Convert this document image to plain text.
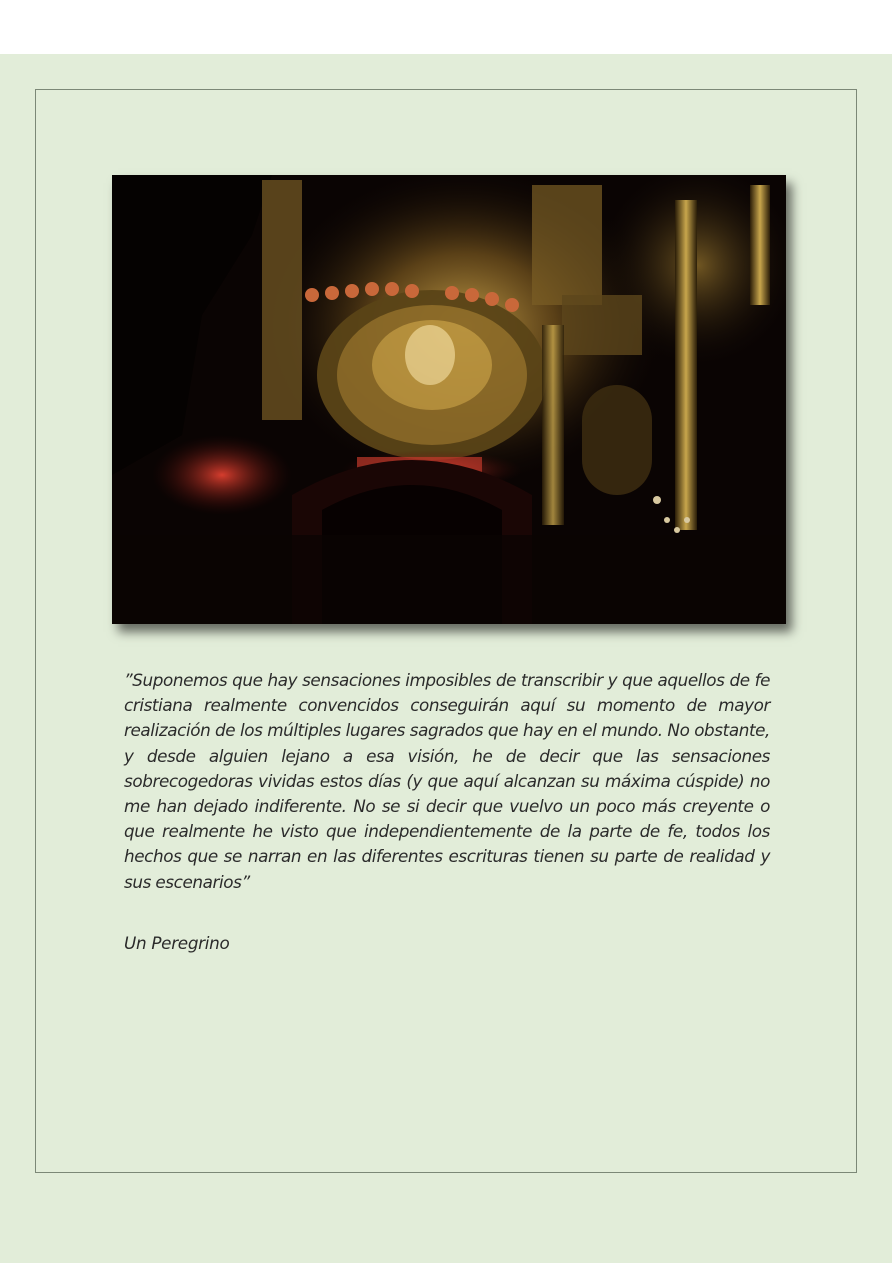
”Suponemos que hay sensaciones imposibles de transcribir y que aquellos de fe cristiana realmente convencidos conseguirán aquí su momento de mayor realización de los múltiples lugares sagrados que hay en el mundo. No obstante, y desde alguien lejano a esa visión, he de decir que las sensaciones sobrecogedoras vividas estos días (y que aquí alcanzan su máxima cúspide) no me han dejado indiferente. No se si decir que vuelvo un poco más creyente o que realmente he visto que independientemente de la parte de fe, todos los hechos que se narran en las diferentes escrituras tienen su parte de realidad y sus escenarios”

Un Peregrino
